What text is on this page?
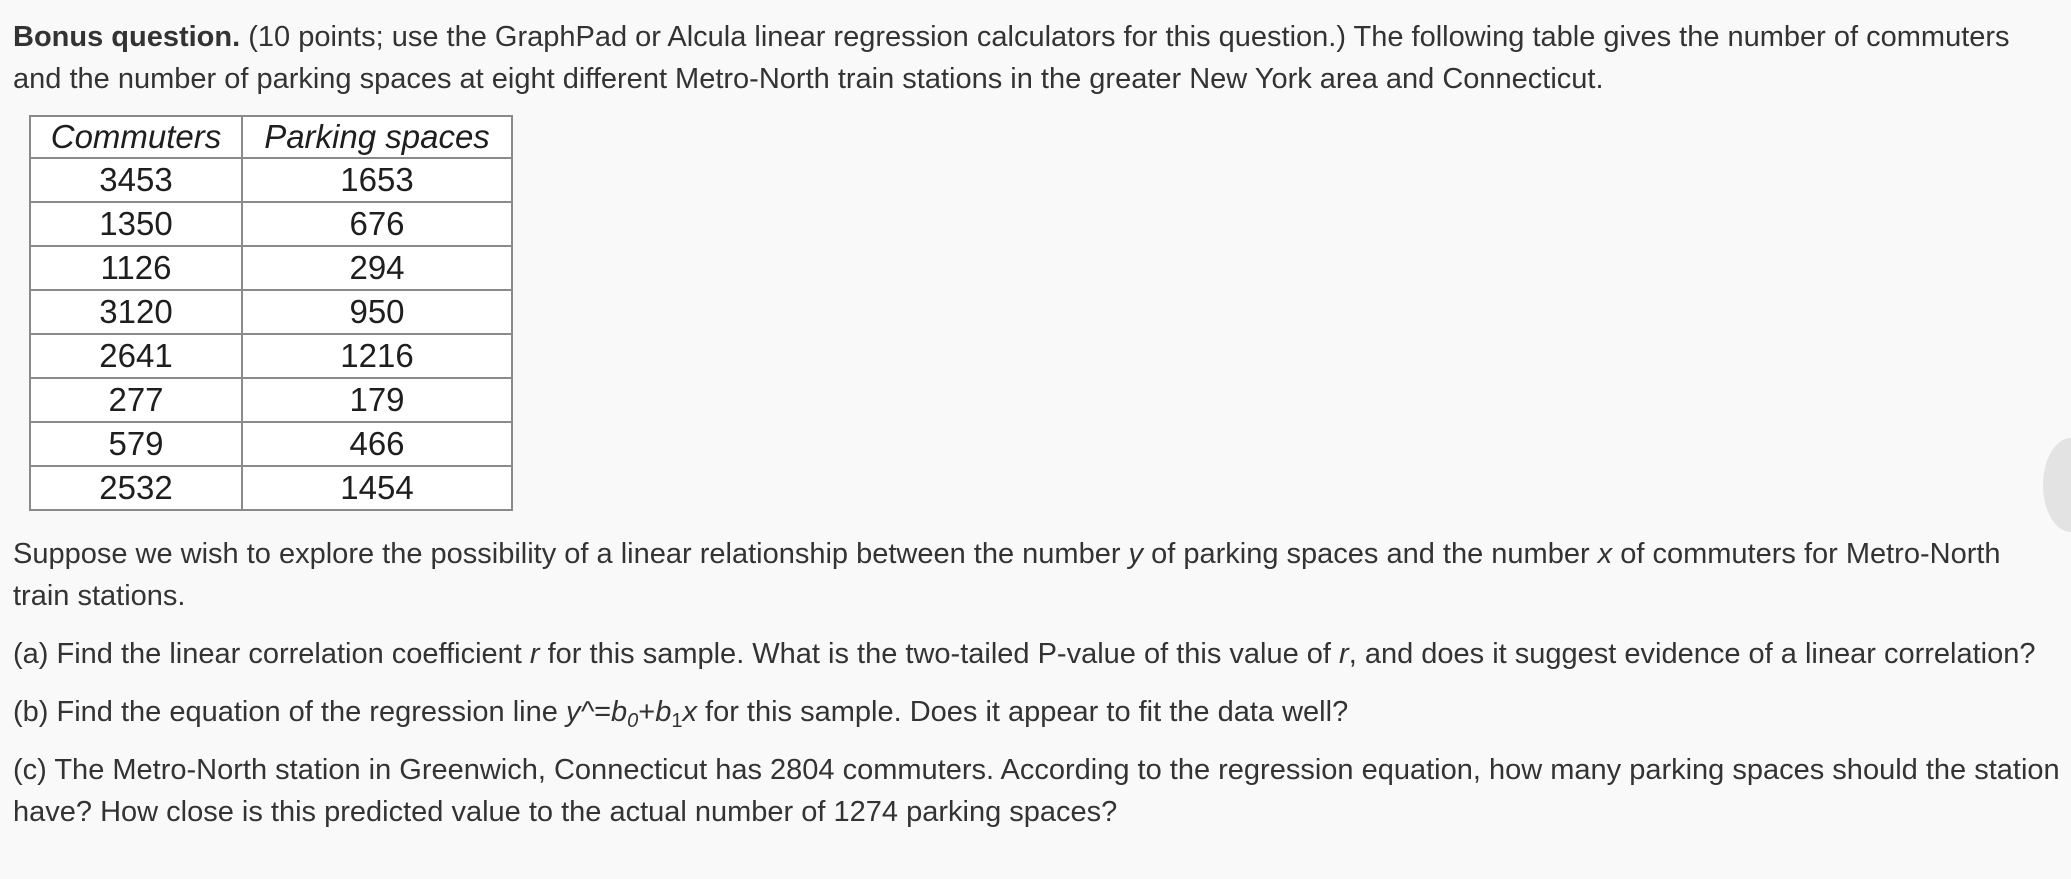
Bonus question. (10 points; use the GraphPad or Alcula linear regression calculators for this question.) The following table gives the number of commuters and the number of parking spaces at eight different Metro-North train stations in the greater New York area and Connecticut.

Commuters	Parking spaces
3453	1653
1350	676
1126	294
3120	950
2641	1216
277	179
579	466
2532	1454

Suppose we wish to explore the possibility of a linear relationship between the number y of parking spaces and the number x of commuters for Metro-North train stations.

(a) Find the linear correlation coefficient r for this sample. What is the two-tailed P-value of this value of r, and does it suggest evidence of a linear correlation?

(b) Find the equation of the regression line $y\^{}=b_0+b_1x$ for this sample. Does it appear to fit the data well?

(c) The Metro-North station in Greenwich, Connecticut has 2804 commuters. According to the regression equation, how many parking spaces should the station have? How close is this predicted value to the actual number of 1274 parking spaces?
